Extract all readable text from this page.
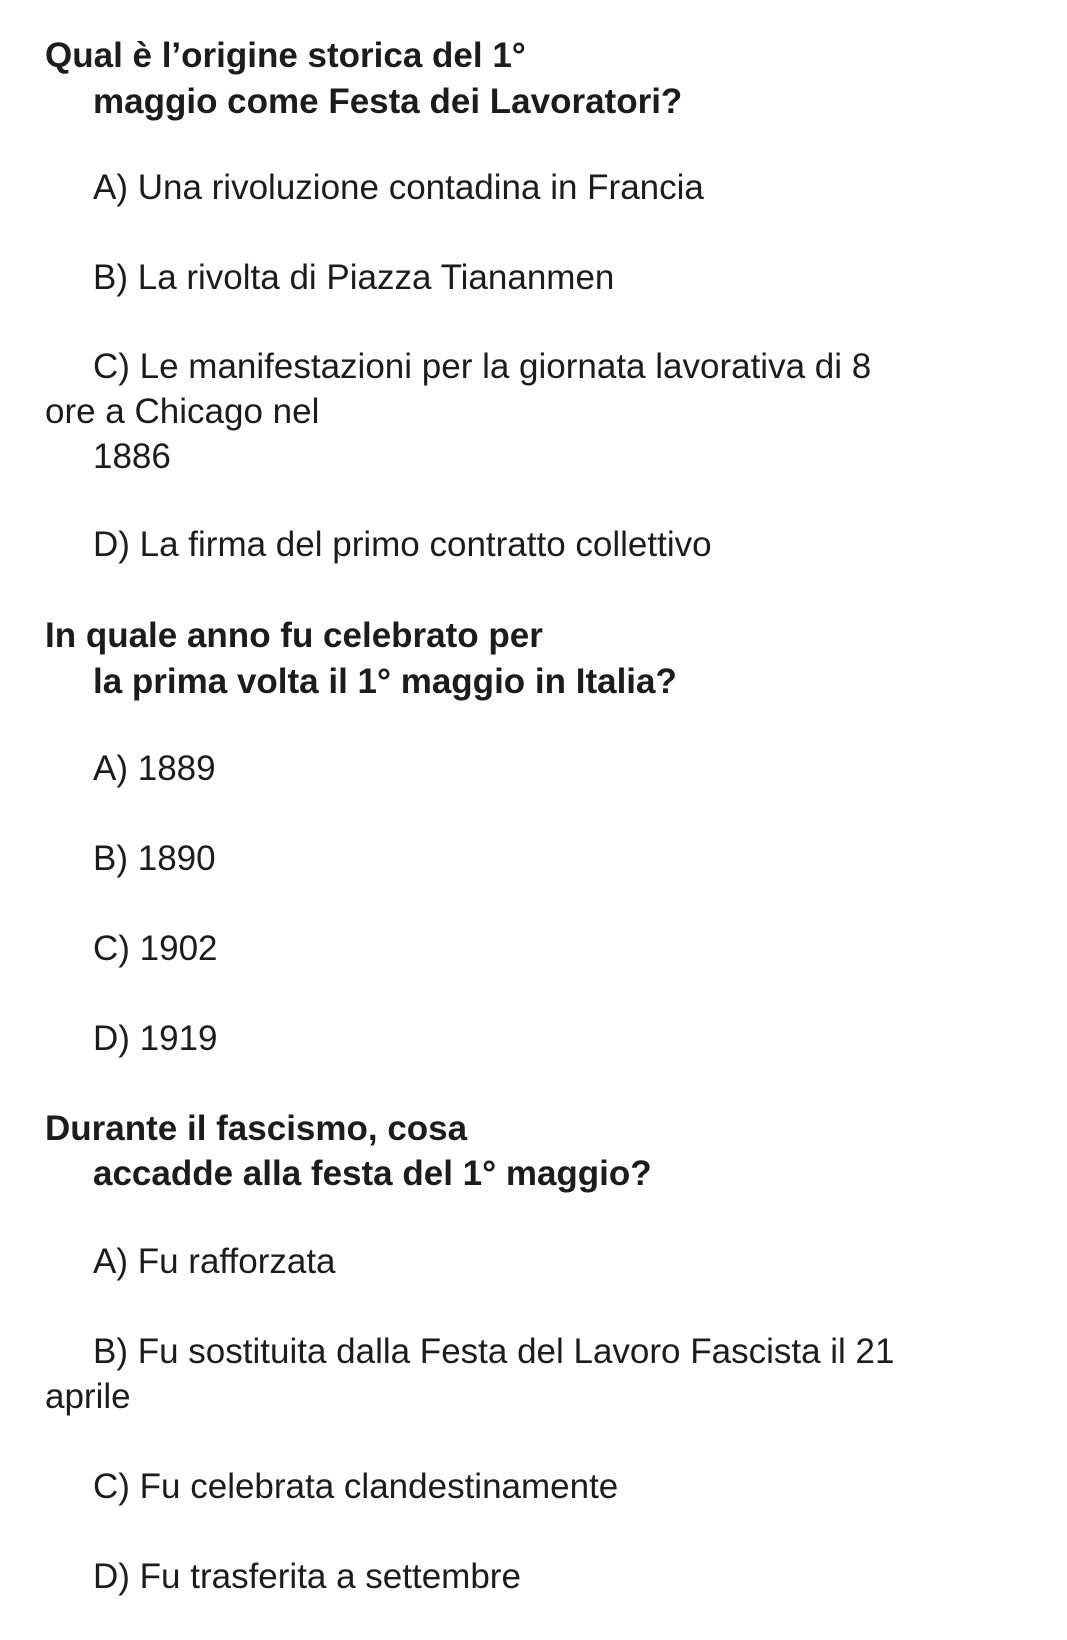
Qual è l’origine storica del 1°
maggio come Festa dei Lavoratori?
A) Una rivoluzione contadina in Francia
B) La rivolta di Piazza Tiananmen
C) Le manifestazioni per la giornata lavorativa di 8
ore a Chicago nel
1886
D) La firma del primo contratto collettivo
In quale anno fu celebrato per
la prima volta il 1° maggio in Italia?
A) 1889
B) 1890
C) 1902
D) 1919
Durante il fascismo, cosa
accadde alla festa del 1° maggio?
A) Fu rafforzata
B) Fu sostituita dalla Festa del Lavoro Fascista il 21
aprile
C) Fu celebrata clandestinamente
D) Fu trasferita a settembre
